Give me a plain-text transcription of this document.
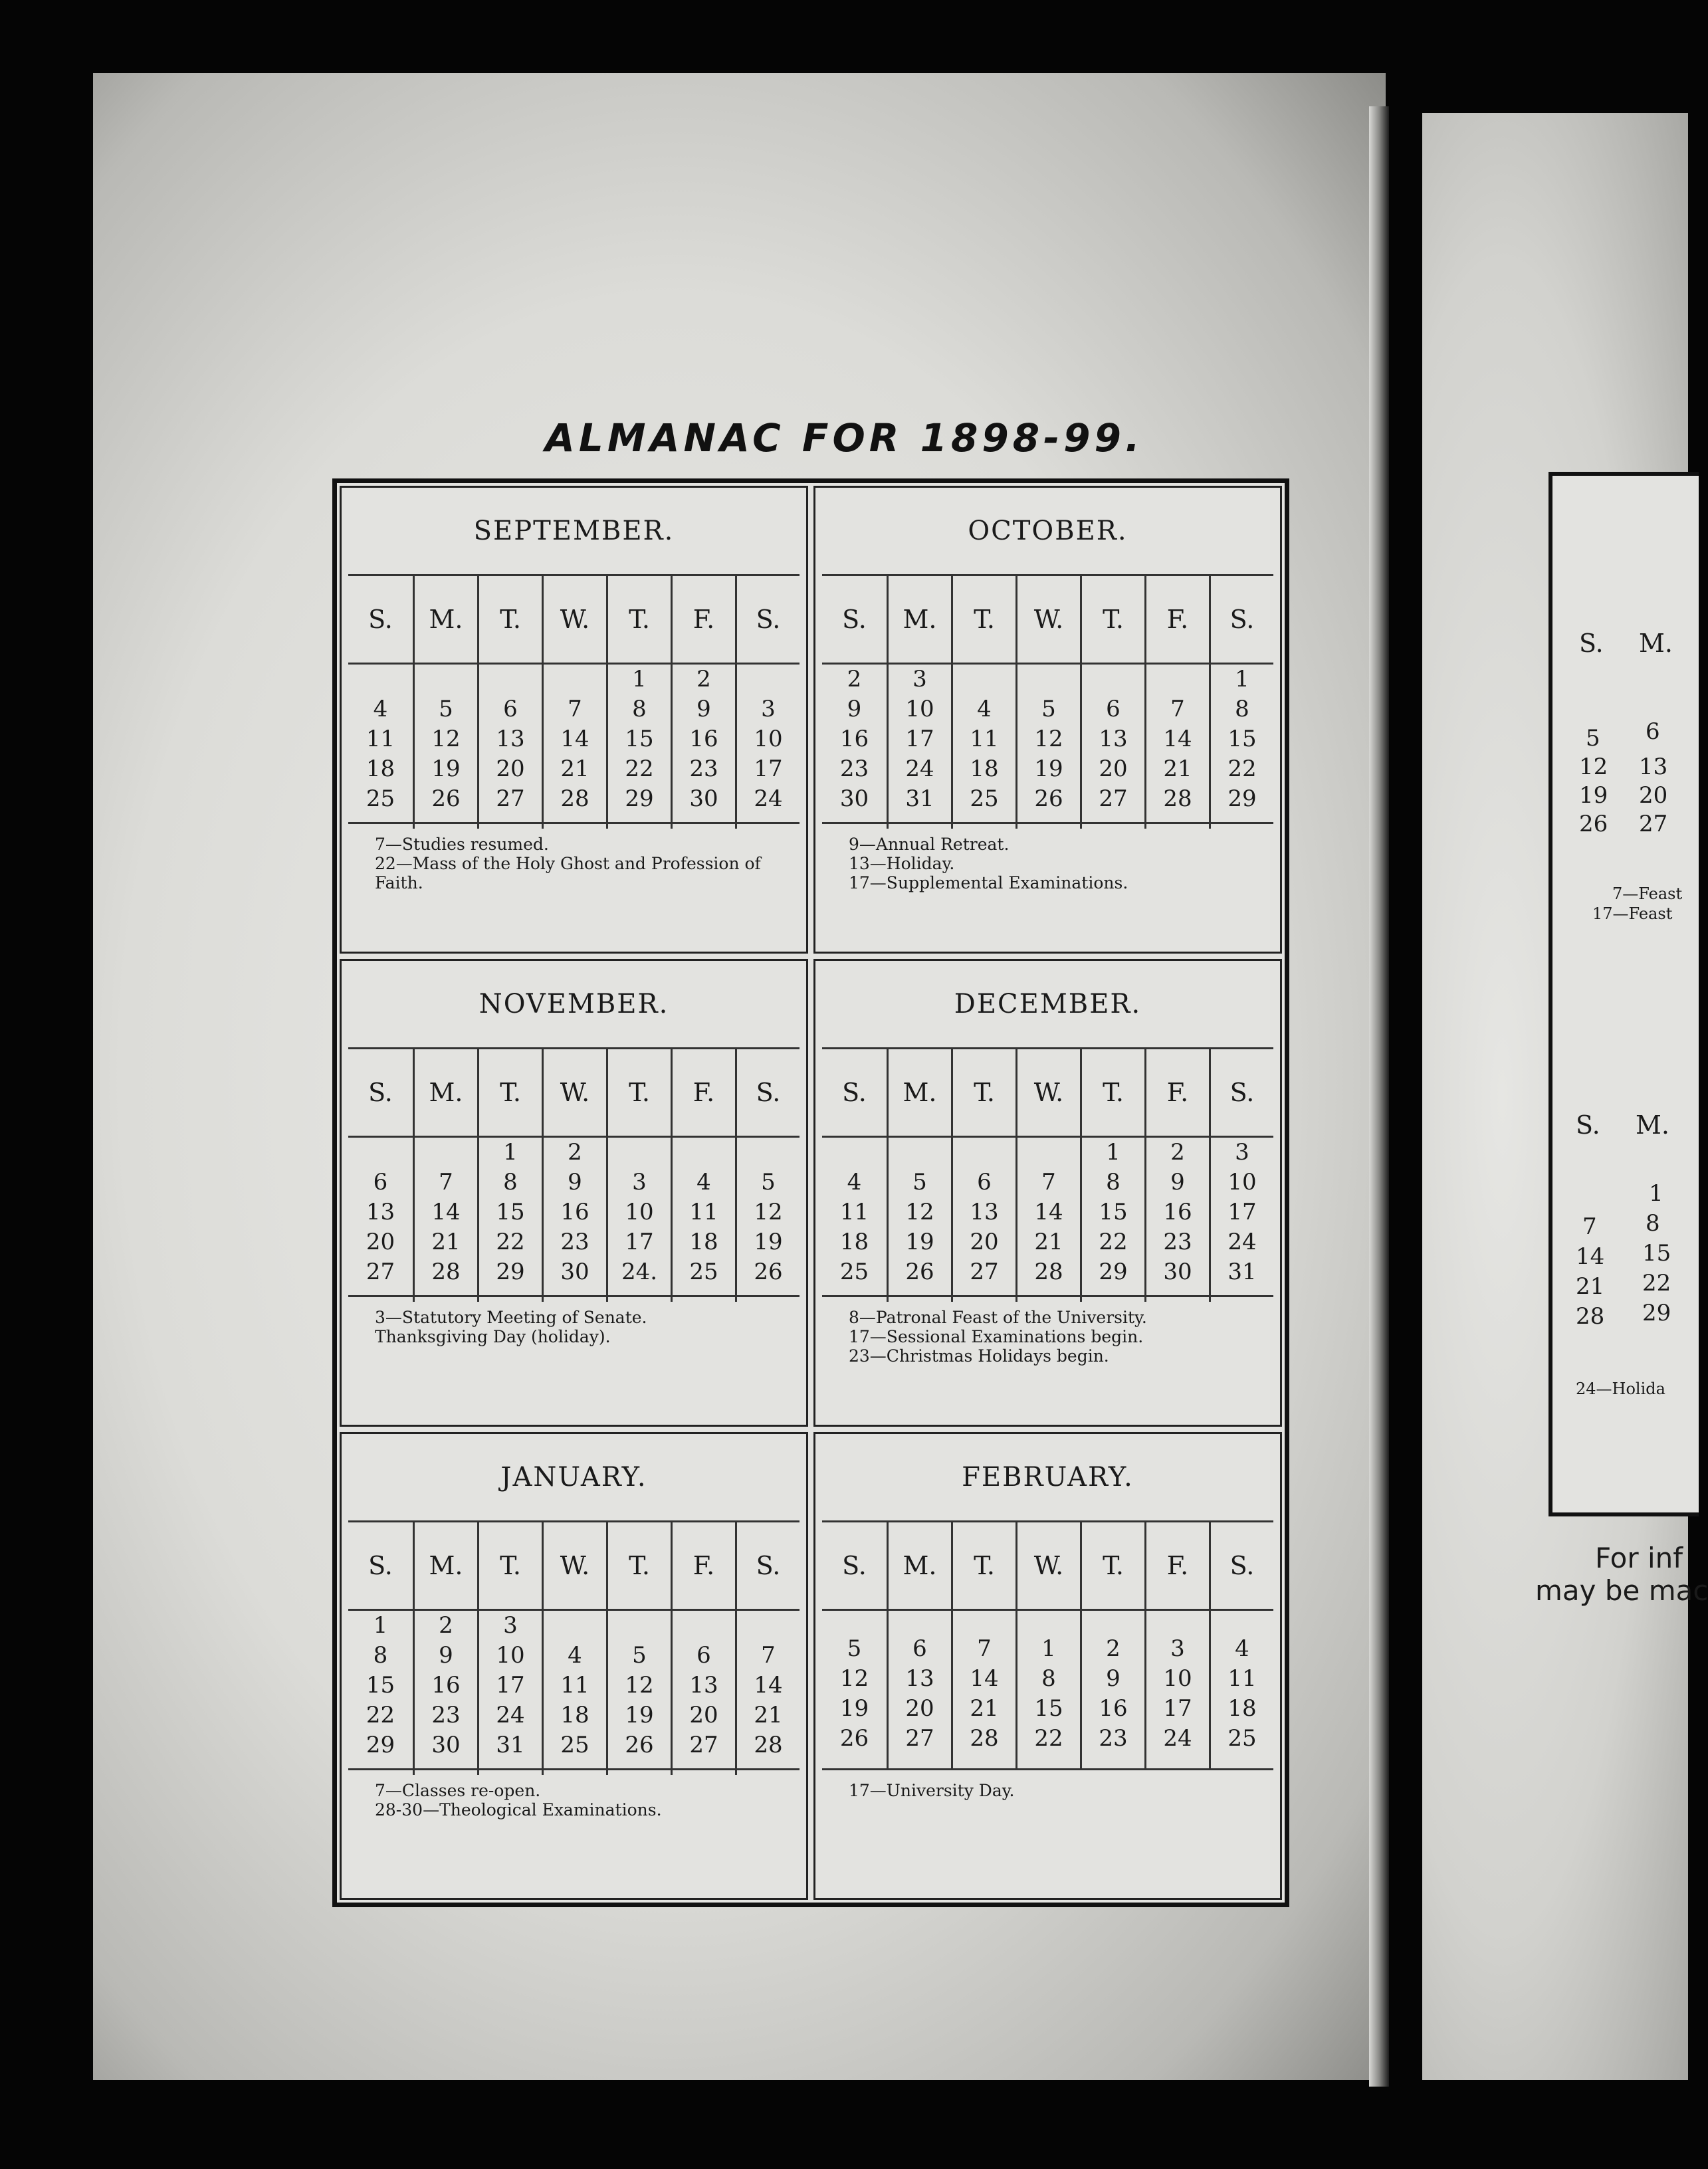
ALMANAC FOR 1898-99.
SEPTEMBER.
S.
4
11
18
25
M.
5
12
19
26
T.
6
13
20
27
W.
7
14
21
28
T.
1
8
15
22
29
F.
2
9
16
23
30
S.
3
10
17
24
7—Studies resumed.
22—Mass of the Holy Ghost and Profession of Faith.
OCTOBER.
S.
2
9
16
23
30
M.
3
10
17
24
31
T.
4
11
18
25
W.
5
12
19
26
T.
6
13
20
27
F.
7
14
21
28
S.
1
8
15
22
29
9—Annual Retreat.
13—Holiday.
17—Supplemental Examinations.
NOVEMBER.
S.
6
13
20
27
M.
7
14
21
28
T.
1
8
15
22
29
W.
2
9
16
23
30
T.
3
10
17
24.
F.
4
11
18
25
S.
5
12
19
26
3—Statutory Meeting of Senate.
Thanksgiving Day (holiday).
DECEMBER.
S.
4
11
18
25
M.
5
12
19
26
T.
6
13
20
27
W.
7
14
21
28
T.
1
8
15
22
29
F.
2
9
16
23
30
S.
3
10
17
24
31
8—Patronal Feast of the University.
17—Sessional Examinations begin.
23—Christmas Holidays begin.
JANUARY.
S.
1
8
15
22
29
M.
2
9
16
23
30
T.
3
10
17
24
31
W.
4
11
18
25
T.
5
12
19
26
F.
6
13
20
27
S.
7
14
21
28
7—Classes re-open.
28-30—Theological Examinations.
FEBRUARY.
S.
5
12
19
26
M.
6
13
20
27
T.
7
14
21
28
W.
1
8
15
22
T.
2
9
16
23
F.
3
10
17
24
S.
4
11
18
25
17—University Day.
S. M.
5
12
19
26
6
13
20
27
7—Feast
17—Feast
S. M.
7
14
21
28
1
8
15
22
29
24—Holida
For inf
may be mac
